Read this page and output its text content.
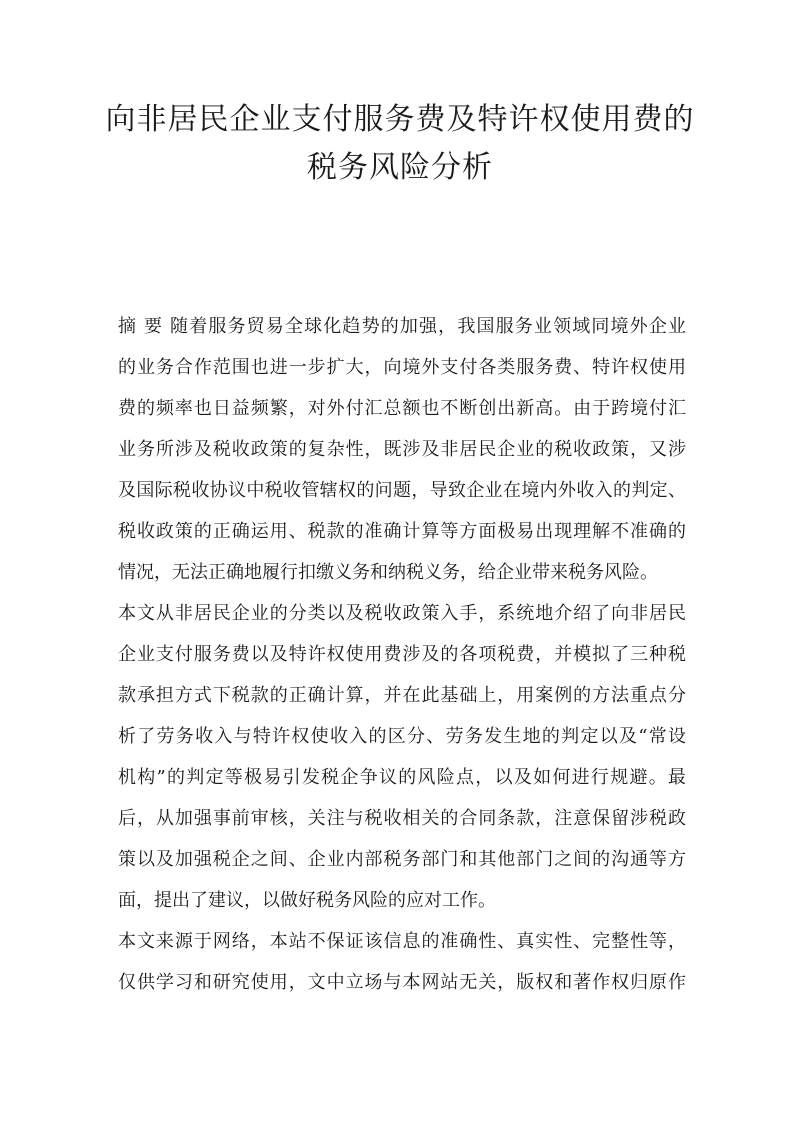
向非居民企业支付服务费及特许权使用费的
税务风险分析
摘 要 随着服务贸易全球化趋势的加强，我国服务业领域同境外企业
的业务合作范围也进一步扩大，向境外支付各类服务费、特许权使用
费的频率也日益频繁，对外付汇总额也不断创出新高。由于跨境付汇
业务所涉及税收政策的复杂性，既涉及非居民企业的税收政策，又涉
及国际税收协议中税收管辖权的问题，导致企业在境内外收入的判定、
税收政策的正确运用、税款的准确计算等方面极易出现理解不准确的
情况，无法正确地履行扣缴义务和纳税义务，给企业带来税务风险。
本文从非居民企业的分类以及税收政策入手，系统地介绍了向非居民
企业支付服务费以及特许权使用费涉及的各项税费，并模拟了三种税
款承担方式下税款的正确计算，并在此基础上，用案例的方法重点分
析了劳务收入与特许权使收入的区分、劳务发生地的判定以及“常设
机构”的判定等极易引发税企争议的风险点，以及如何进行规避。最
后，从加强事前审核，关注与税收相关的合同条款，注意保留涉税政
策以及加强税企之间、企业内部税务部门和其他部门之间的沟通等方
面，提出了建议，以做好税务风险的应对工作。
本文来源于网络，本站不保证该信息的准确性、真实性、完整性等，
仅供学习和研究使用，文中立场与本网站无关，版权和著作权归原作
